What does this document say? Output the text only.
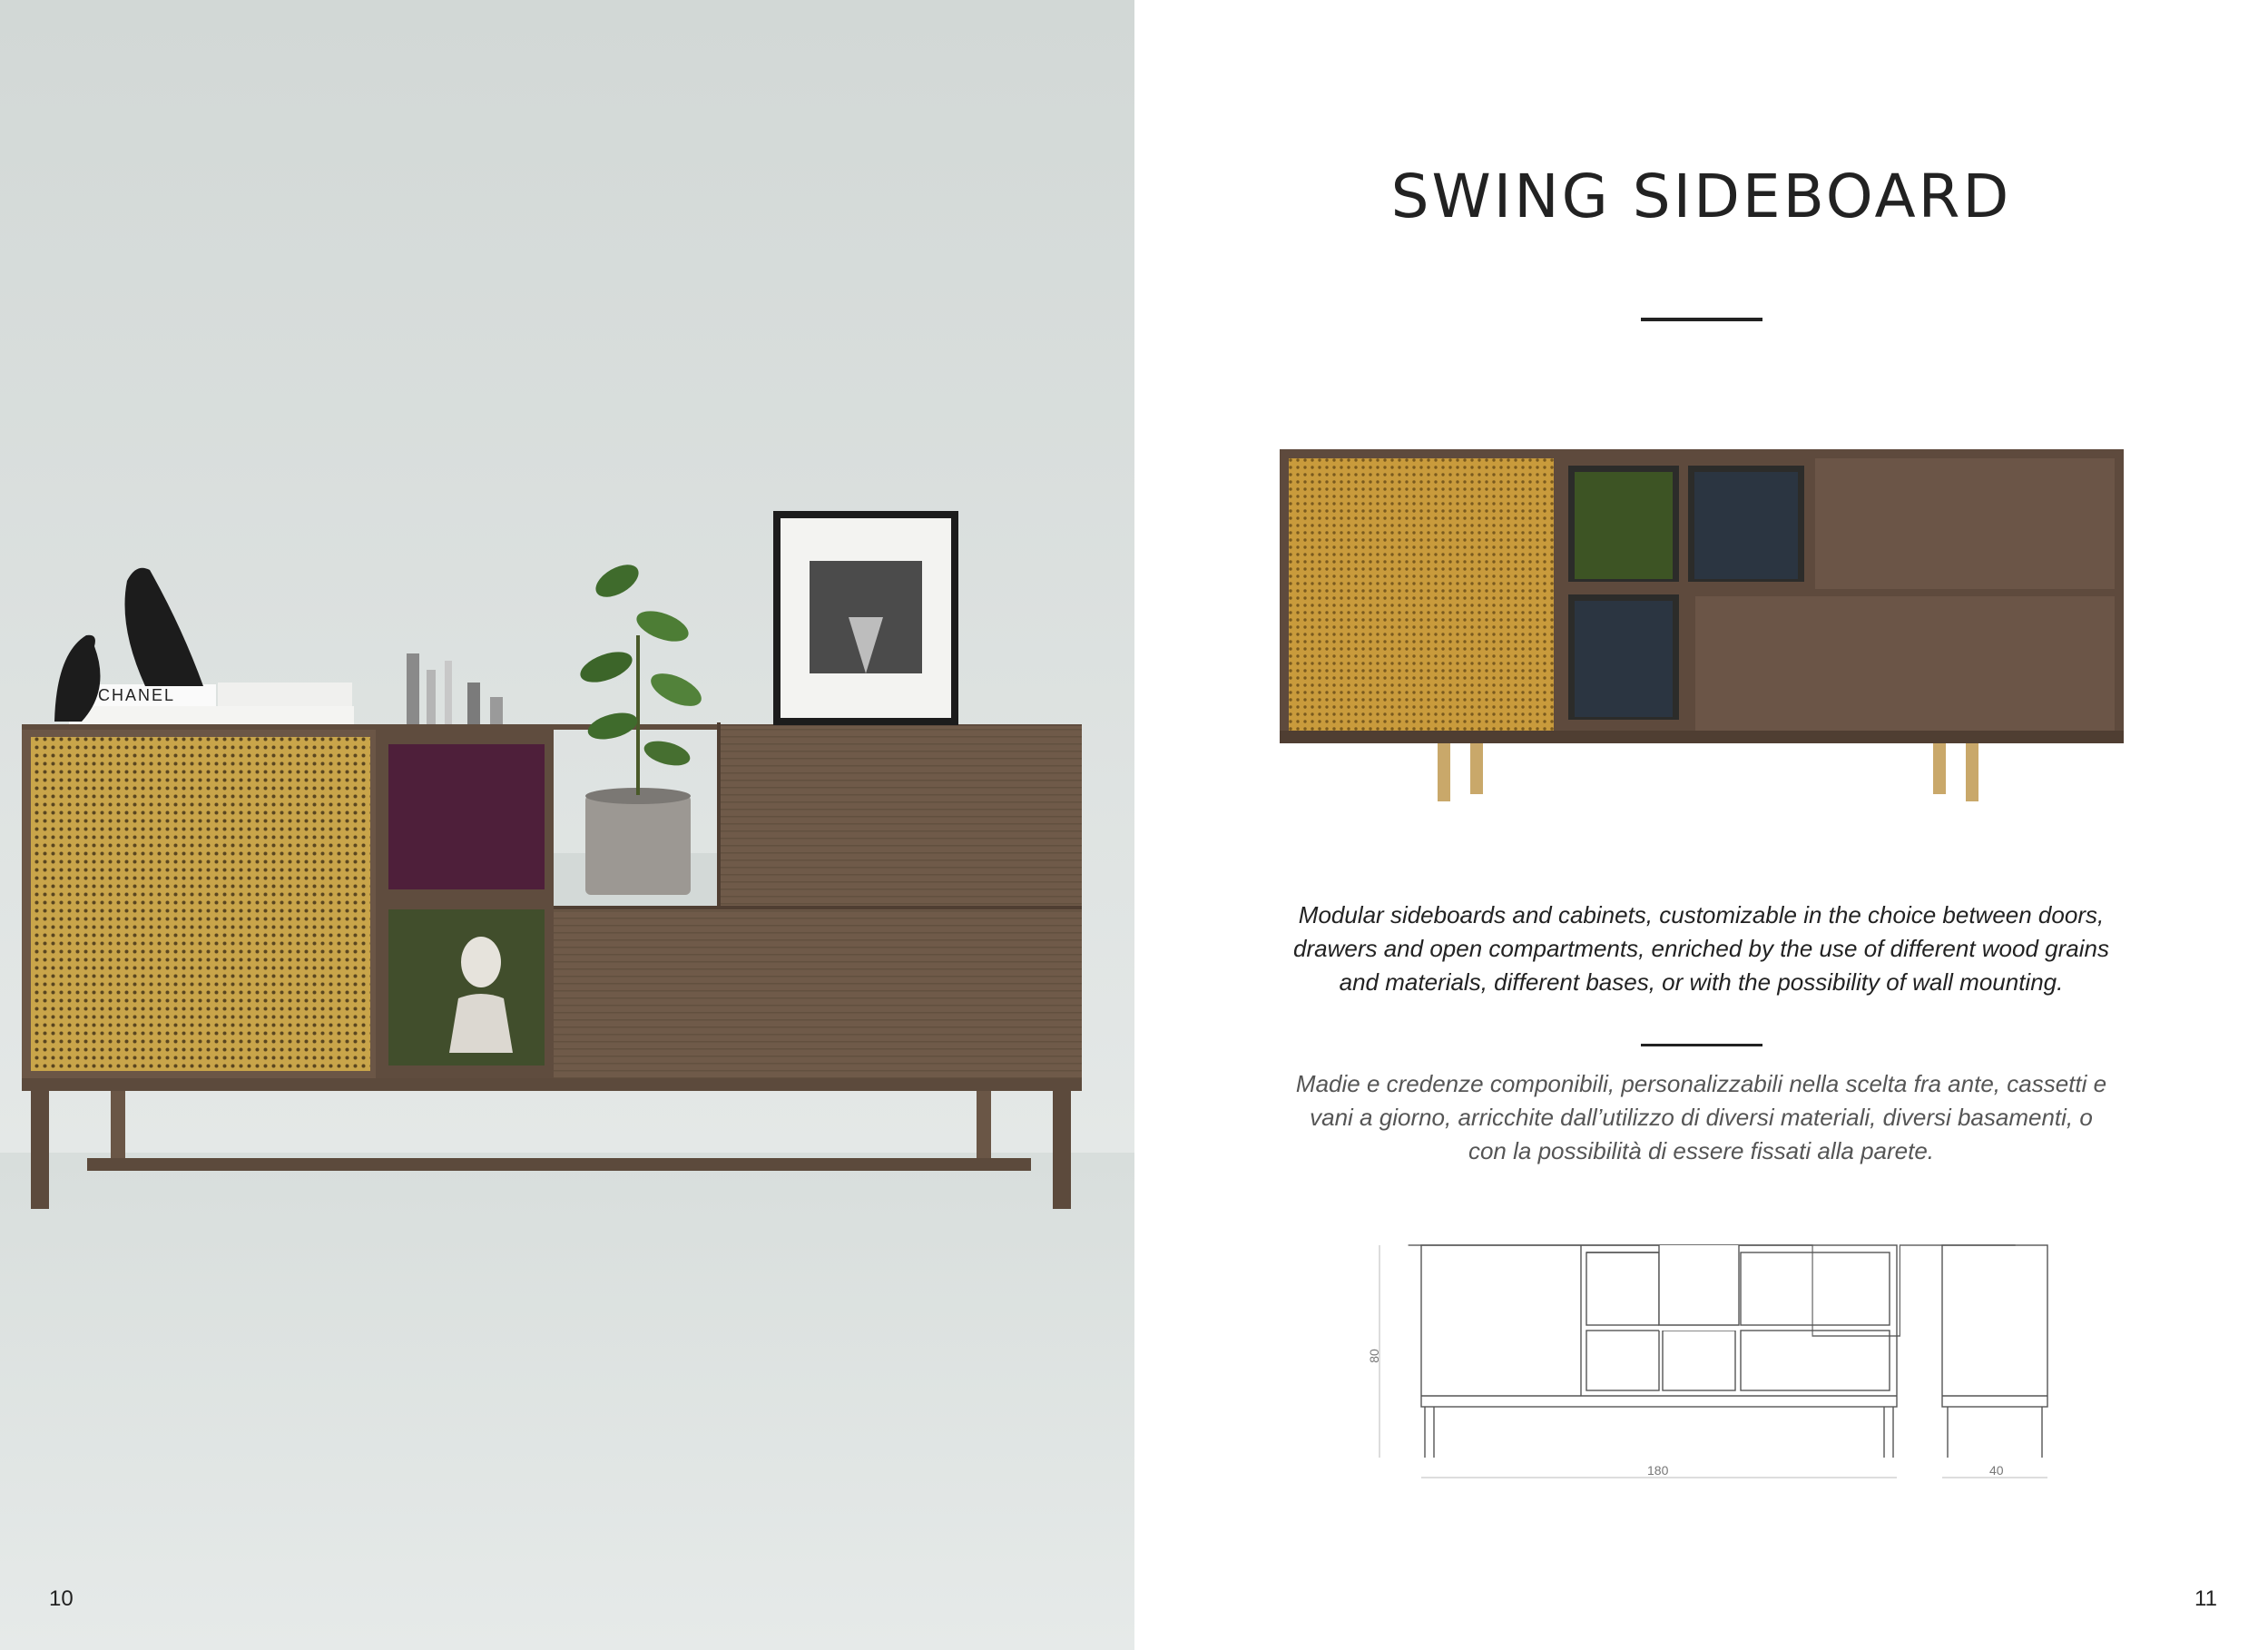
CHANEL
10
SWING SIDEBOARD
Modular sideboards and cabinets, customizable in the choice between doors, drawers and open compartments, enriched by the use of different wood grains and materials, different bases, or with the possibility of wall mounting.
Madie e credenze componibili, personalizzabili nella scelta fra ante, cassetti e vani a giorno, arricchite dall’utilizzo di diversi materiali, diversi basamenti, o con la possibilità di essere fissati alla parete.
80
180	40
11
